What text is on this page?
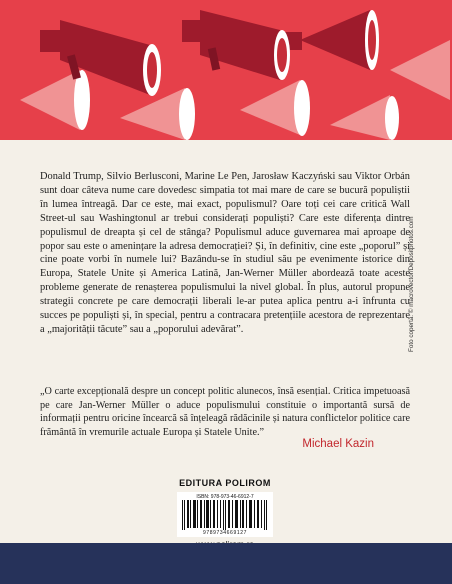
Donald Trump, Silvio Berlusconi, Marine Le Pen, Jarosław Kaczyński sau Viktor Orbán sunt doar câteva nume care dovedesc simpatia tot mai mare de care se bucură populiștii în lumea întreagă. Dar ce este, mai exact, populismul? Oare toți cei care critică Wall Street-ul sau Washingtonul ar trebui considerați populiști? Care este diferența dintre populismul de dreapta și cel de stânga? Populismul aduce guvernarea mai aproape de popor sau este o amenințare la adresa democrației? Și, în definitiv, cine este „poporul” și cine poate vorbi în numele lui? Bazându-se în studiul său pe evenimente istorice din Europa, Statele Unite și America Latină, Jan-Werner Müller abordează toate aceste probleme generate de renașterea populismului la nivel global. În plus, autorul propune strategii concrete pe care democrații liberali le-ar putea aplica pentru a-i înfrunta cu succes pe populiști și, în special, pentru a contracara pretențiile acestora de reprezentare a „majorității tăcute” sau a „poporului adevărat”.

„O carte excepțională despre un concept politic alunecos, însă esențial. Critica impetuoasă pe care Jan-Werner Müller o aduce populismului constituie o importantă sursă de informații pentru oricine încearcă să înțeleagă rădăcinile și natura conflictelor politice care frământă în vremurile actuale Europa și Statele Unite.”

Michael Kazin
EDITURA POLIROM
ISBN: 978-973-46-6912-7
9789734669127
Foto copertă: © macrovector/Depositphotos.com
